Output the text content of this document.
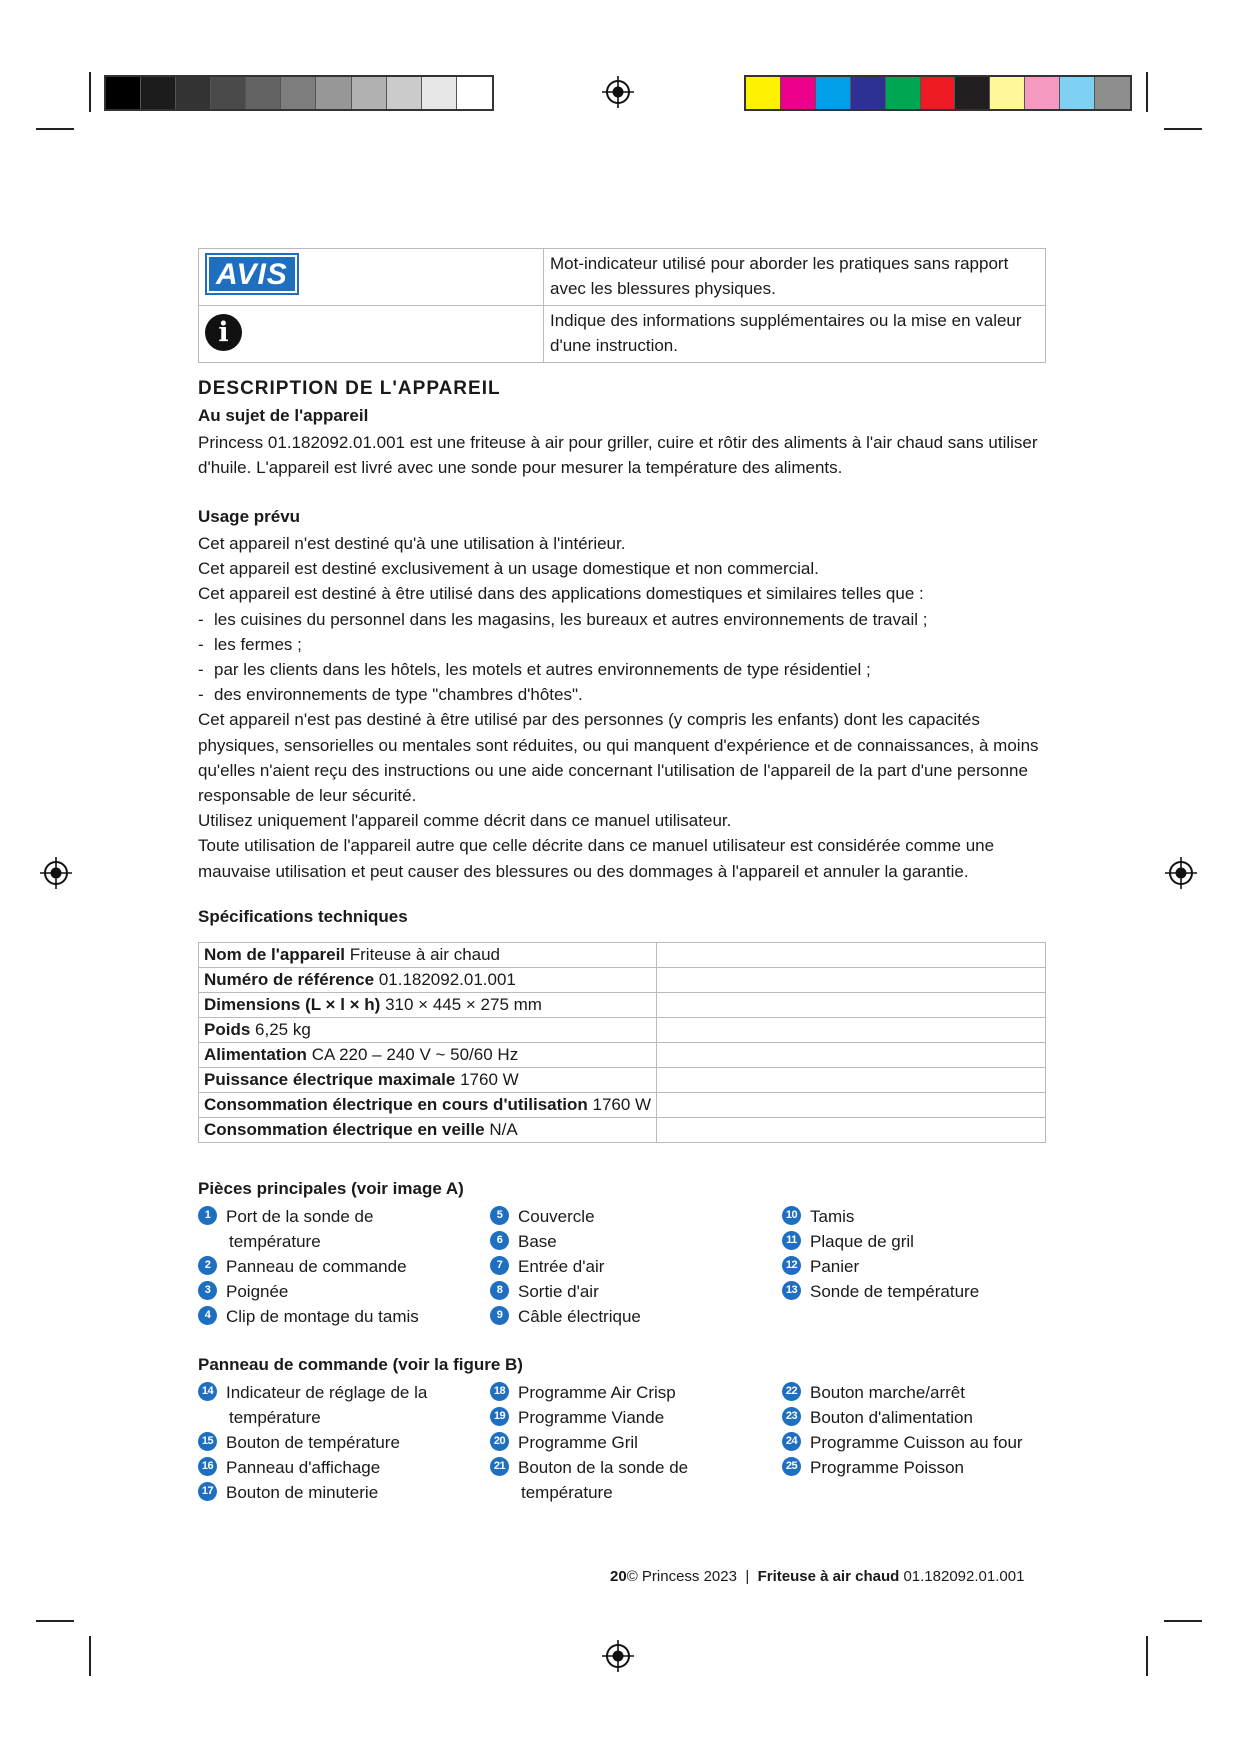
AVIS	Mot-indicateur utilisé pour aborder les pratiques sans rapport avec les blessures physiques.

i	Indique des informations supplémentaires ou la mise en valeur d'une instruction.
DESCRIPTION DE L'APPAREIL
Au sujet de l'appareil
Princess 01.182092.01.001 est une friteuse à air pour griller, cuire et rôtir des aliments à l'air chaud sans utiliser d'huile. L'appareil est livré avec une sonde pour mesurer la température des aliments.
Usage prévu

Cet appareil n'est destiné qu'à une utilisation à l'intérieur.

Cet appareil est destiné exclusivement à un usage domestique et non commercial.

Cet appareil est destiné à être utilisé dans des applications domestiques et similaires telles que :

- les cuisines du personnel dans les magasins, les bureaux et autres environnements de travail ;
- les fermes ;
- par les clients dans les hôtels, les motels et autres environnements de type résidentiel ;
- des environnements de type "chambres d'hôtes".

Cet appareil n'est pas destiné à être utilisé par des personnes (y compris les enfants) dont les capacités physiques, sensorielles ou mentales sont réduites, ou qui manquent d'expérience et de connaissances, à moins qu'elles n'aient reçu des instructions ou une aide concernant l'utilisation de l'appareil de la part d'une personne responsable de leur sécurité.

Utilisez uniquement l'appareil comme décrit dans ce manuel utilisateur.

Toute utilisation de l'appareil autre que celle décrite dans ce manuel utilisateur est considérée comme une mauvaise utilisation et peut causer des blessures ou des dommages à l'appareil et annuler la garantie.

Spécifications techniques
Nom de l'appareil Friteuse à air chaud	
Numéro de référence 01.182092.01.001	
Dimensions (L × l × h) 310 × 445 × 275 mm	
Poids 6,25 kg	
Alimentation CA 220 – 240 V ~ 50/60 Hz	
Puissance électrique maximale 1760 W	
Consommation électrique en cours d'utilisation 1760 W	
Consommation électrique en veille N/A	
Pièces principales (voir image A)
1 Port de la sonde de
température
2 Panneau de commande
3 Poignée
4 Clip de montage du tamis
5 Couvercle
6 Base
7 Entrée d'air
8 Sortie d'air
9 Câble électrique
10 Tamis
11 Plaque de gril
12 Panier
13 Sonde de température
Panneau de commande (voir la figure B)
14 Indicateur de réglage de la
température
15 Bouton de température
16 Panneau d'affichage
17 Bouton de minuterie
18 Programme Air Crisp
19 Programme Viande
20 Programme Gril
21 Bouton de la sonde de
température
22 Bouton marche/arrêt
23 Bouton d'alimentation
24 Programme Cuisson au four
25 Programme Poisson
20© Princess 2023 | Friteuse à air chaud 01.182092.01.001
